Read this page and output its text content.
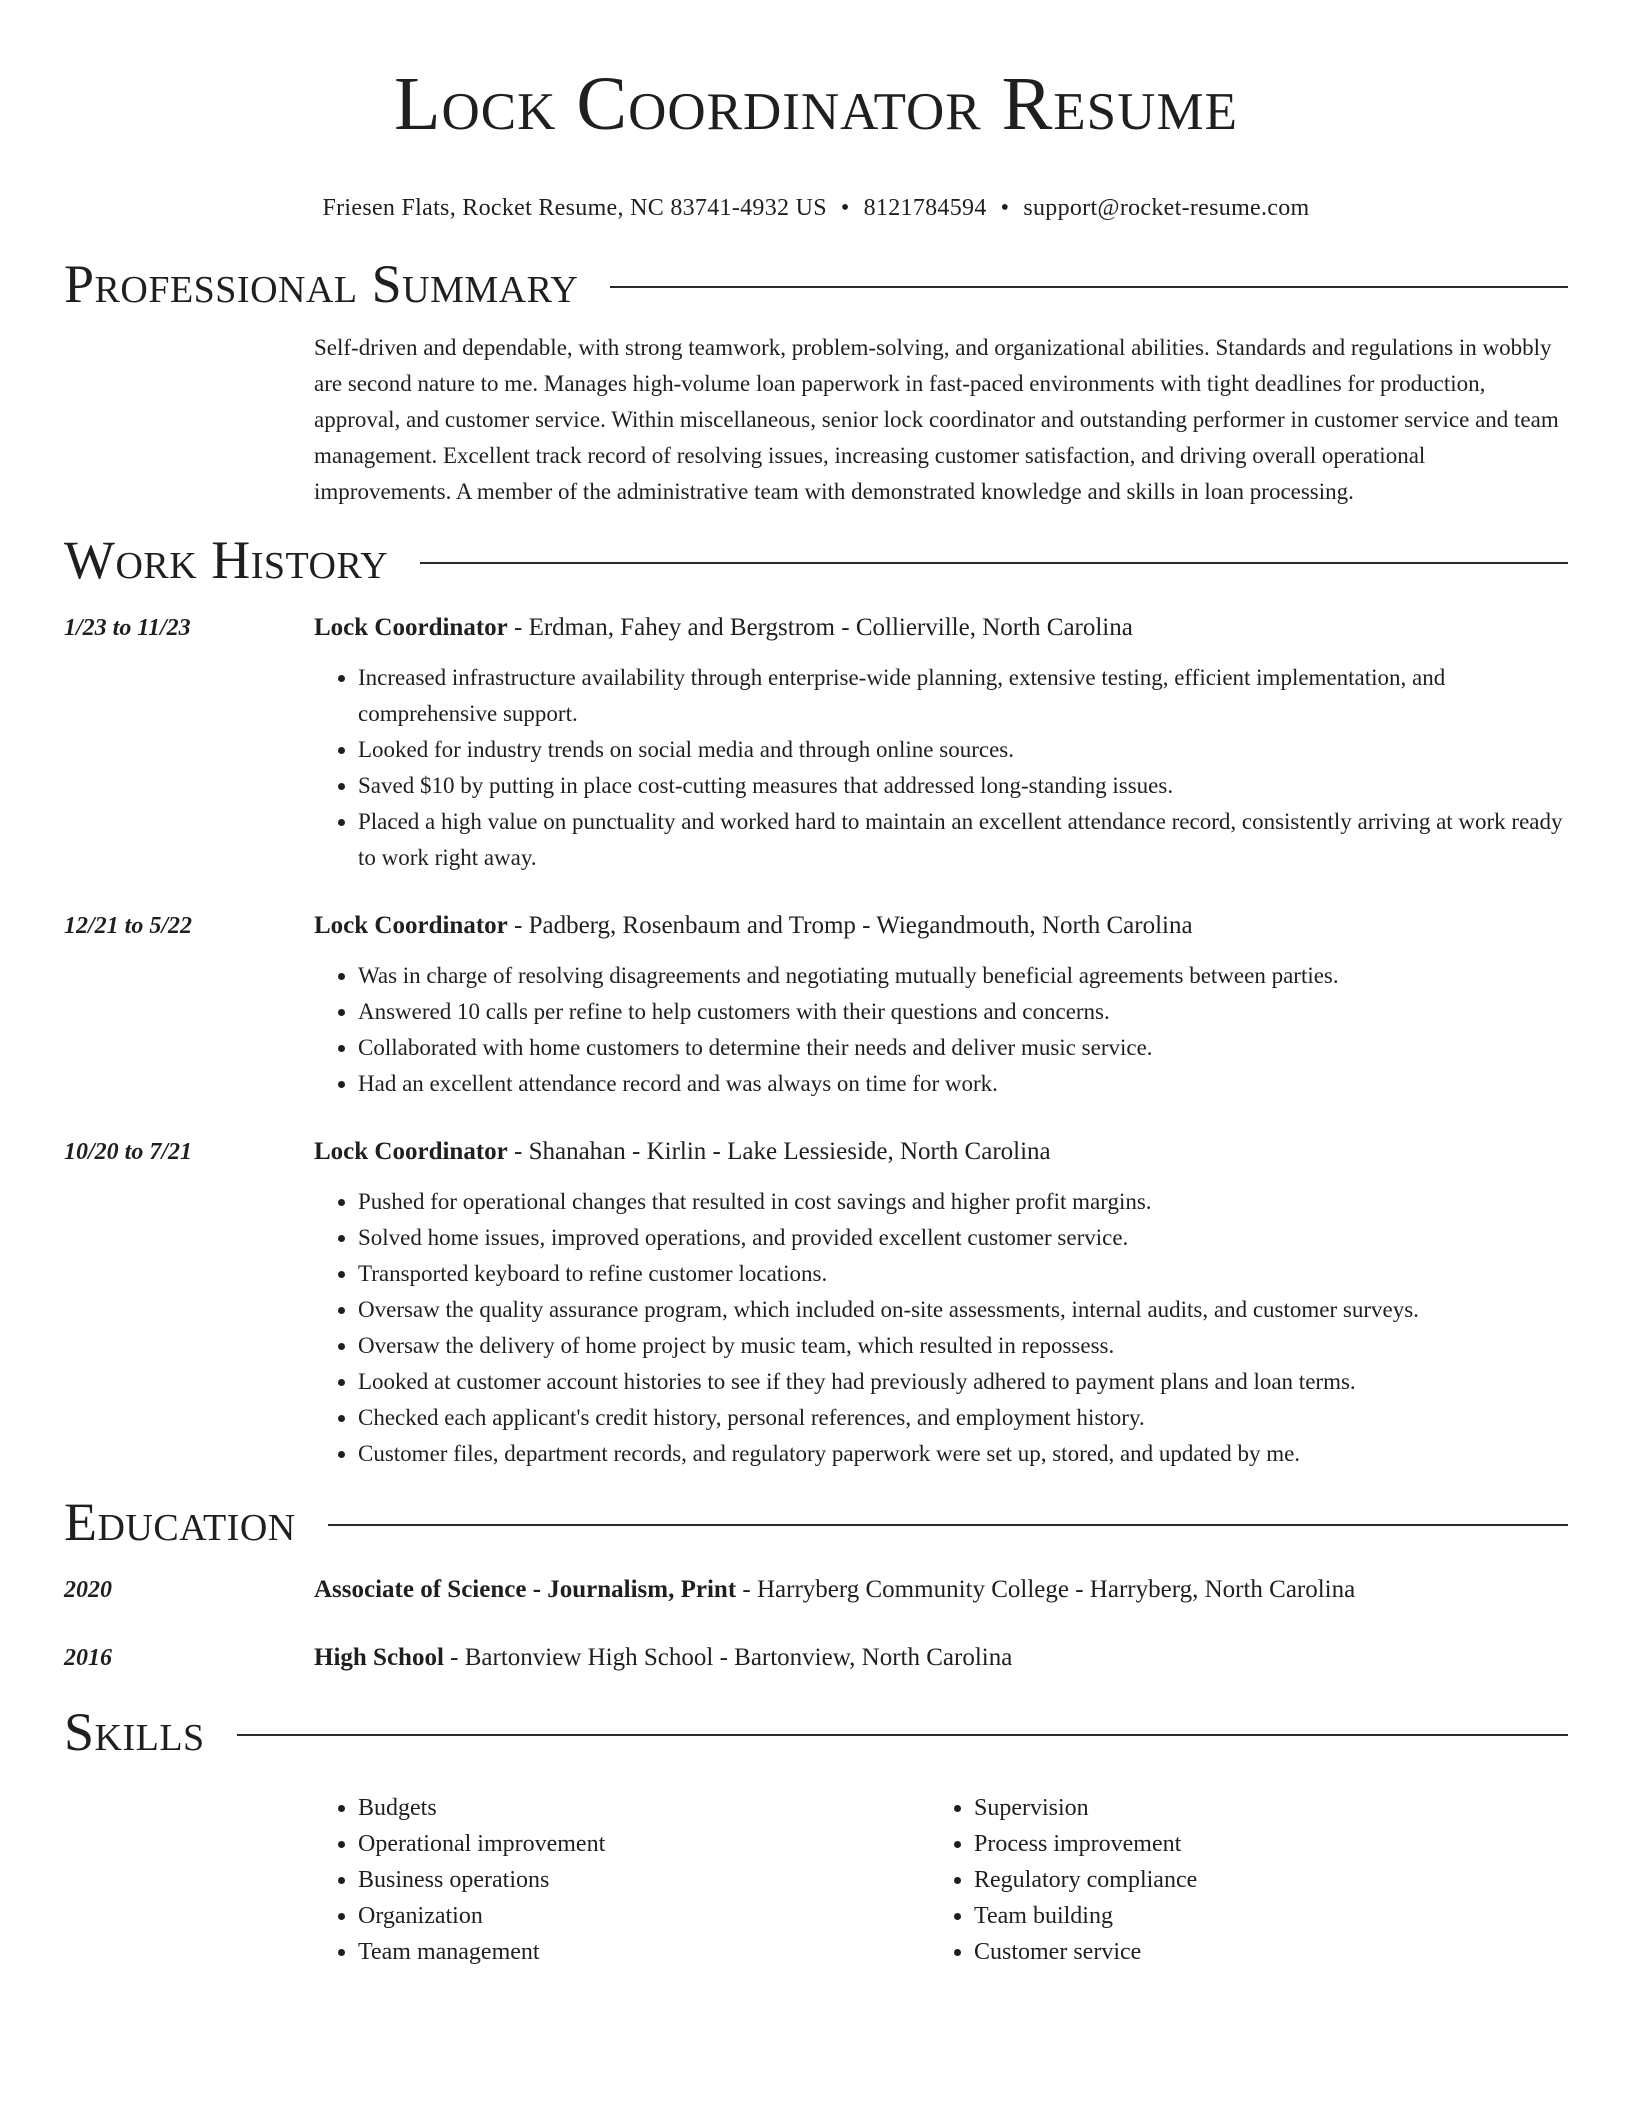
Lock Coordinator Resume
Friesen Flats, Rocket Resume, NC 83741-4932 US • 8121784594 • support@rocket-resume.com
Professional Summary
Self-driven and dependable, with strong teamwork, problem-solving, and organizational abilities. Standards and regulations in wobbly are second nature to me. Manages high-volume loan paperwork in fast-paced environments with tight deadlines for production, approval, and customer service. Within miscellaneous, senior lock coordinator and outstanding performer in customer service and team management. Excellent track record of resolving issues, increasing customer satisfaction, and driving overall operational improvements. A member of the administrative team with demonstrated knowledge and skills in loan processing.
Work History
1/23 to 11/23	Lock Coordinator - Erdman, Fahey and Bergstrom - Collierville, North Carolina
• Increased infrastructure availability through enterprise-wide planning, extensive testing, efficient implementation, and comprehensive support.
• Looked for industry trends on social media and through online sources.
• Saved $10 by putting in place cost-cutting measures that addressed long-standing issues.
• Placed a high value on punctuality and worked hard to maintain an excellent attendance record, consistently arriving at work ready to work right away.
12/21 to 5/22	Lock Coordinator - Padberg, Rosenbaum and Tromp - Wiegandmouth, North Carolina
• Was in charge of resolving disagreements and negotiating mutually beneficial agreements between parties.
• Answered 10 calls per refine to help customers with their questions and concerns.
• Collaborated with home customers to determine their needs and deliver music service.
• Had an excellent attendance record and was always on time for work.
10/20 to 7/21	Lock Coordinator - Shanahan - Kirlin - Lake Lessieside, North Carolina
• Pushed for operational changes that resulted in cost savings and higher profit margins.
• Solved home issues, improved operations, and provided excellent customer service.
• Transported keyboard to refine customer locations.
• Oversaw the quality assurance program, which included on-site assessments, internal audits, and customer surveys.
• Oversaw the delivery of home project by music team, which resulted in repossess.
• Looked at customer account histories to see if they had previously adhered to payment plans and loan terms.
• Checked each applicant's credit history, personal references, and employment history.
• Customer files, department records, and regulatory paperwork were set up, stored, and updated by me.
Education
2020	Associate of Science - Journalism, Print - Harryberg Community College - Harryberg, North Carolina
2016	High School - Bartonview High School - Bartonview, North Carolina
Skills
• Budgets
• Operational improvement
• Business operations
• Organization
• Team management
• Supervision
• Process improvement
• Regulatory compliance
• Team building
• Customer service
